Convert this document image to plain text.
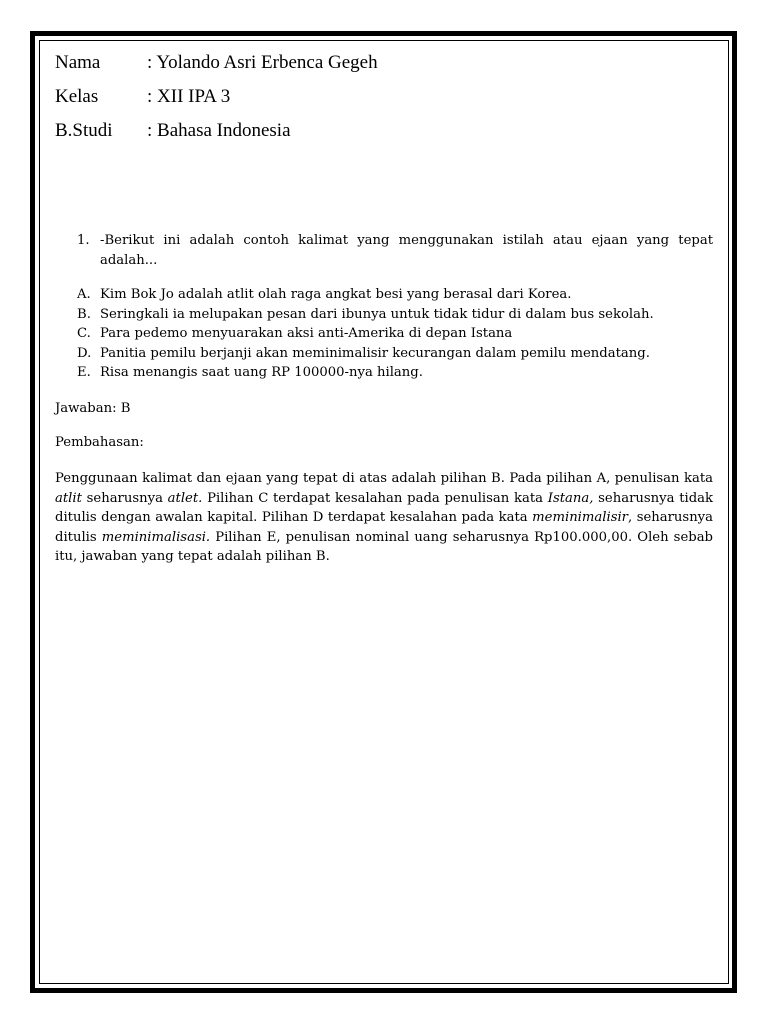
Nama	: Yolando Asri Erbenca Gegeh
Kelas	: XII IPA 3
B.Studi	: Bahasa Indonesia
1. -Berikut ini adalah contoh kalimat yang menggunakan istilah atau ejaan yang tepat adalah...
A. Kim Bok Jo adalah atlit olah raga angkat besi yang berasal dari Korea.
B. Seringkali ia melupakan pesan dari ibunya untuk tidak tidur di dalam bus sekolah.
C. Para pedemo menyuarakan aksi anti-Amerika di depan Istana
D. Panitia pemilu berjanji akan meminimalisir kecurangan dalam pemilu mendatang.
E. Risa menangis saat uang RP 100000-nya hilang.
Jawaban: B
Pembahasan:
Penggunaan kalimat dan ejaan yang tepat di atas adalah pilihan B. Pada pilihan A, penulisan kata atlit seharusnya atlet. Pilihan C terdapat kesalahan pada penulisan kata Istana, seharusnya tidak ditulis dengan awalan kapital. Pilihan D terdapat kesalahan pada kata meminimalisir, seharusnya ditulis meminimalisasi. Pilihan E, penulisan nominal uang seharusnya Rp100.000,00. Oleh sebab itu, jawaban yang tepat adalah pilihan B.
